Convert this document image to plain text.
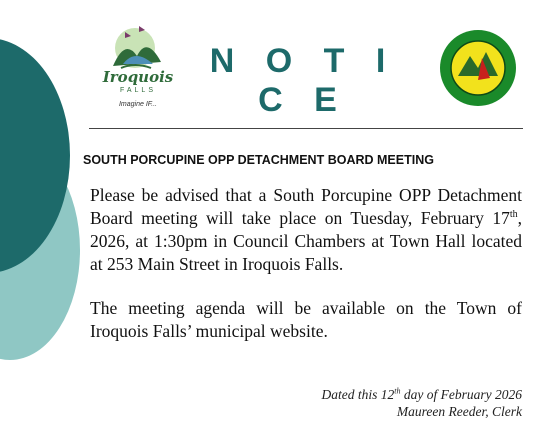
Iroquois
FALLS
Imagine IF...
N O T I C E
SOUTH PORCUPINE OPP DETACHMENT BOARD MEETING

Please be advised that a South Porcupine OPP Detachment Board meeting will take place on Tuesday, February 17th, 2026, at 1:30pm in Council Chambers at Town Hall located at 253 Main Street in Iroquois Falls.

The meeting agenda will be available on the Town of Iroquois Falls’ municipal website.

Dated this 12th day of February 2026
Maureen Reeder, Clerk
